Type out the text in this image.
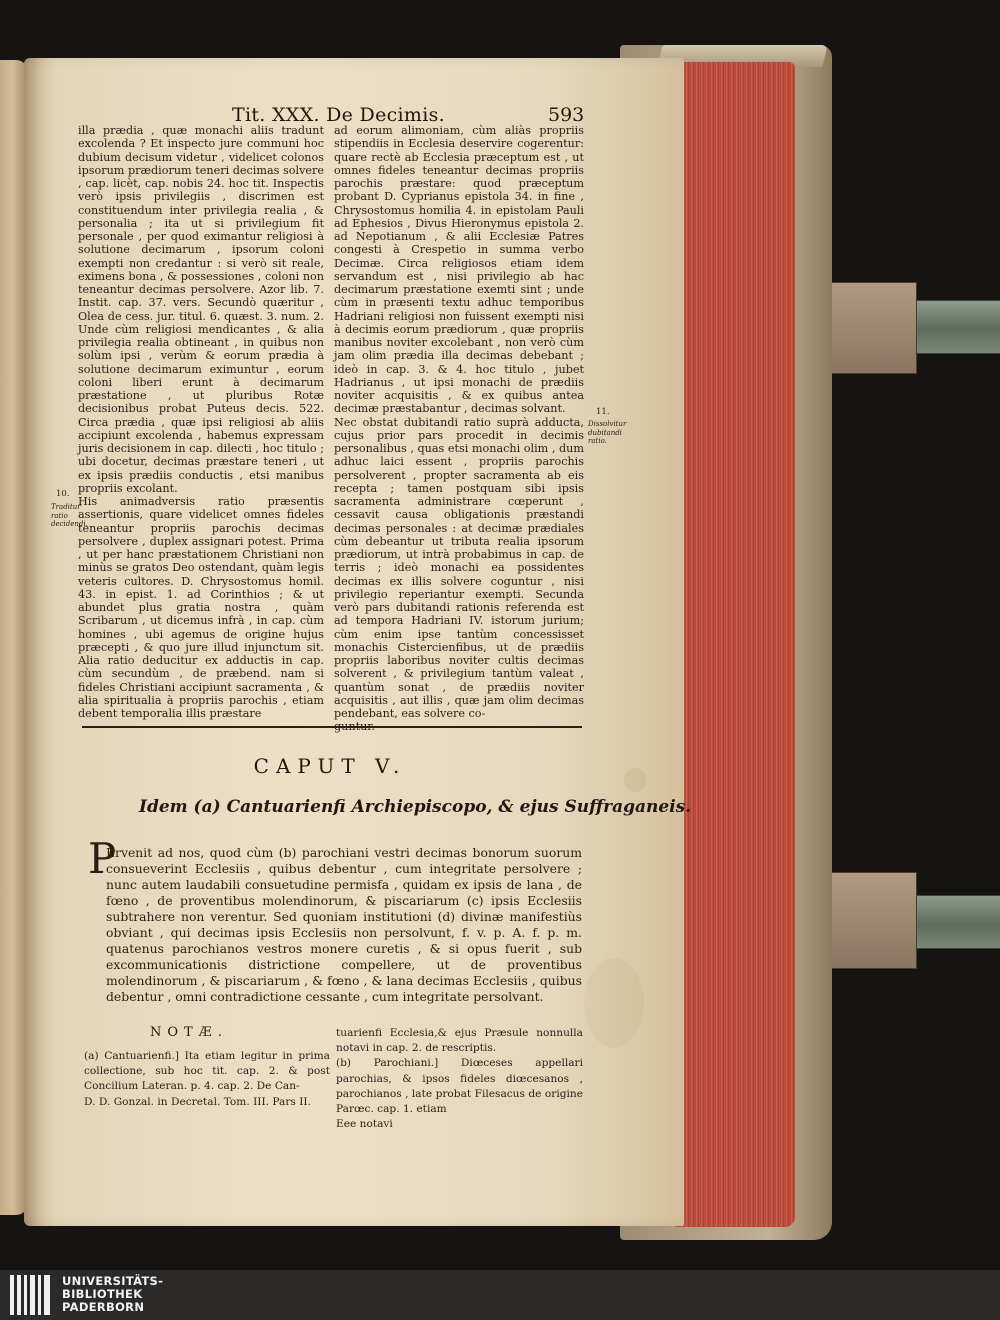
Tit. XXX. De Decimis.	593

illa prædia , quæ monachi aliis tradunt excolenda ? Et inspecto jure communi hoc dubium decisum videtur , videlicet colonos ipsorum prædiorum teneri decimas solvere , cap. licèt, cap. nobis 24. hoc tit. Inspectis verò ipsis privilegiis , discrimen est constituendum inter privilegia realia , & personalia ; ita ut si privilegium fit personale , per quod eximantur religiosi à solutione decimarum , ipsorum coloni exempti non credantur : si verò sit reale, eximens bona , & possessiones , coloni non teneantur decimas persolvere. Azor lib. 7. Instit. cap. 37. vers. Secundò quæritur , Olea de cess. jur. titul. 6. quæst. 3. num. 2. Unde cùm religiosi mendicantes , & alia privilegia realia obtineant , in quibus non solùm ipsi , verùm & eorum prædia à solutione decimarum eximuntur , eorum coloni liberi erunt à decimarum præstatione , ut pluribus Rotæ decisionibus probat Puteus decis. 522. Circa prædia , quæ ipsi religiosi ab aliis accipiunt excolenda , habemus expressam juris decisionem in cap. dilecti , hoc titulo ; ubi docetur, decimas præstare teneri , ut ex ipsis prædiis conductis , etsi manibus propriis excolant.
His animadversis ratio præsentis assertionis, quare videlicet omnes fideles teneantur propriis parochis decimas persolvere , duplex assignari potest. Prima , ut per hanc præstationem Christiani non minùs se gratos Deo ostendant, quàm legis veteris cultores. D. Chrysostomus homil. 43. in epist. 1. ad Corinthios ; & ut abundet plus gratia nostra , quàm Scribarum , ut dicemus infrà , in cap. cùm homines , ubi agemus de origine hujus præcepti , & quo jure illud injunctum sit. Alia ratio deducitur ex adductis in cap. cùm secundùm , de præbend. nam si fideles Christiani accipiunt sacramenta , & alia spiritualia à propriis parochis , etiam debent temporalia illis præstare

ad eorum alimoniam, cùm aliàs propriis stipendiis in Ecclesia deservire cogerentur: quare rectè ab Ecclesia præceptum est , ut omnes fideles teneantur decimas propriis parochis præstare: quod præceptum probant D. Cyprianus epistola 34. in fine , Chrysostomus homilia 4. in epistolam Pauli ad Ephesios , Divus Hieronymus epistola 2. ad Nepotianum , & alii Ecclesiæ Patres congesti à Crespetio in summa verbo Decimæ. Circa religiosos etiam idem servandum est , nisi privilegio ab hac decimarum præstatione exemti sint ; unde cùm in præsenti textu adhuc temporibus Hadriani religiosi non fuissent exempti nisi à decimis eorum prædiorum , quæ propriis manibus noviter excolebant , non verò cùm jam olim prædia illa decimas debebant ; ideò in cap. 3. & 4. hoc titulo , jubet Hadrianus , ut ipsi monachi de prædiis noviter acquisitis , & ex quibus antea decimæ præstabantur , decimas solvant.
Nec obstat dubitandi ratio suprà adducta, cujus prior pars procedit in decimis personalibus , quas etsi monachi olim , dum adhuc laici essent , propriis parochis persolverent , propter sacramenta ab eis recepta ; tamen postquam sibi ipsis sacramenta administrare cœperunt , cessavit causa obligationis præstandi decimas personales : at decimæ prædiales cùm debeantur ut tributa realia ipsorum prædiorum, ut intrà probabimus in cap. de terris ; ideò monachi ea possidentes decimas ex illis solvere coguntur , nisi privilegio reperiantur exempti. Secunda verò pars dubitandi rationis referenda est ad tempora Hadriani IV. istorum jurium; cùm enim ipse tantùm concessisset monachis Cistercienfibus, ut de prædiis propriis laboribus noviter cultis decimas solverent , & privilegium tantùm valeat , quantùm sonat , de prædiis noviter acquisitis , aut illis , quæ jam olim decimas pendebant, eas solvere co-

10.

Traditur ratio decidendi.

11.

Dissolvitur dubitandi ratio.

CAPUT V.
Idem (a) Cantuarienfi Archiepiscopo, & ejus Suffraganeis.
P

Ervenit ad nos, quod cùm (b) parochiani vestri decimas bonorum suorum consueverint Ecclesiis , quibus debentur , cum integritate persolvere ; nunc autem laudabili consuetudine permisfa , quidam ex ipsis de lana , de fœno , de proventibus molendinorum, & piscariarum (c) ipsis Ecclesiis subtrahere non verentur. Sed quoniam institutioni (d) divinæ manifestiùs obviant , qui decimas ipsis Ecclesiis non persolvunt, f. v. p. A. f. p. m. quatenus parochianos vestros monere curetis , & si opus fuerit , sub excommunicationis districtione compellere, ut de proventibus molendinorum , & piscariarum , & fœno , & lana decimas Ecclesiis , quibus debentur , omni contradictione cessante , cum integritate persolvant.

NOTÆ.

(a) Cantuarienfi.] Ita etiam legitur in prima collectione, sub hoc tit. cap. 2. & post Concilium Lateran. p. 4. cap. 2. De Can-
D. D. Gonzal. in Decretal. Tom. III. Pars II.

tuarienfi Ecclesia,& ejus Præsule nonnulla notavi in cap. 2. de rescriptis.
(b) Parochiani.] Diœceses appellari parochias, & ipsos fideles diœcesanos , parochianos , late probat Filesacus de origine Parœc. cap. 1. etiam
Eee notavi

UNIVERSITÄTS-
BIBLIOTHEK
PADERBORN
